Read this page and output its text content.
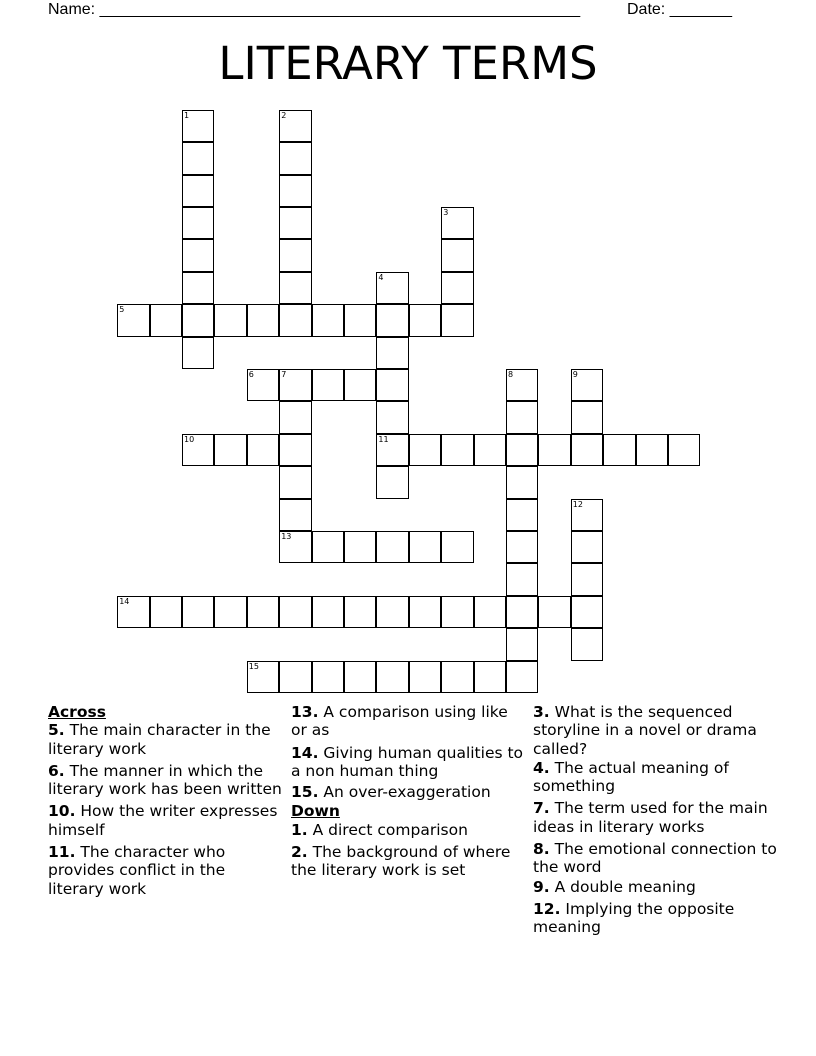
Name: ______________________________________________________	Date: _______
LITERARY TERMS
1	2
3
4
11
5
6	7	8	9
10
12
13
14
15
Across
5. The main character in the literary work
6. The manner in which the literary work has been written
10. How the writer expresses himself
11. The character who provides conflict in the literary work
13. A comparison using like or as
14. Giving human qualities to a non human thing
15. An over-exaggeration
Down
1. A direct comparison
2. The background of where the literary work is set
3. What is the sequenced storyline in a novel or drama called?
4. The actual meaning of something
7. The term used for the main ideas in literary works
8. The emotional connection to the word
9. A double meaning
12. Implying the opposite meaning
